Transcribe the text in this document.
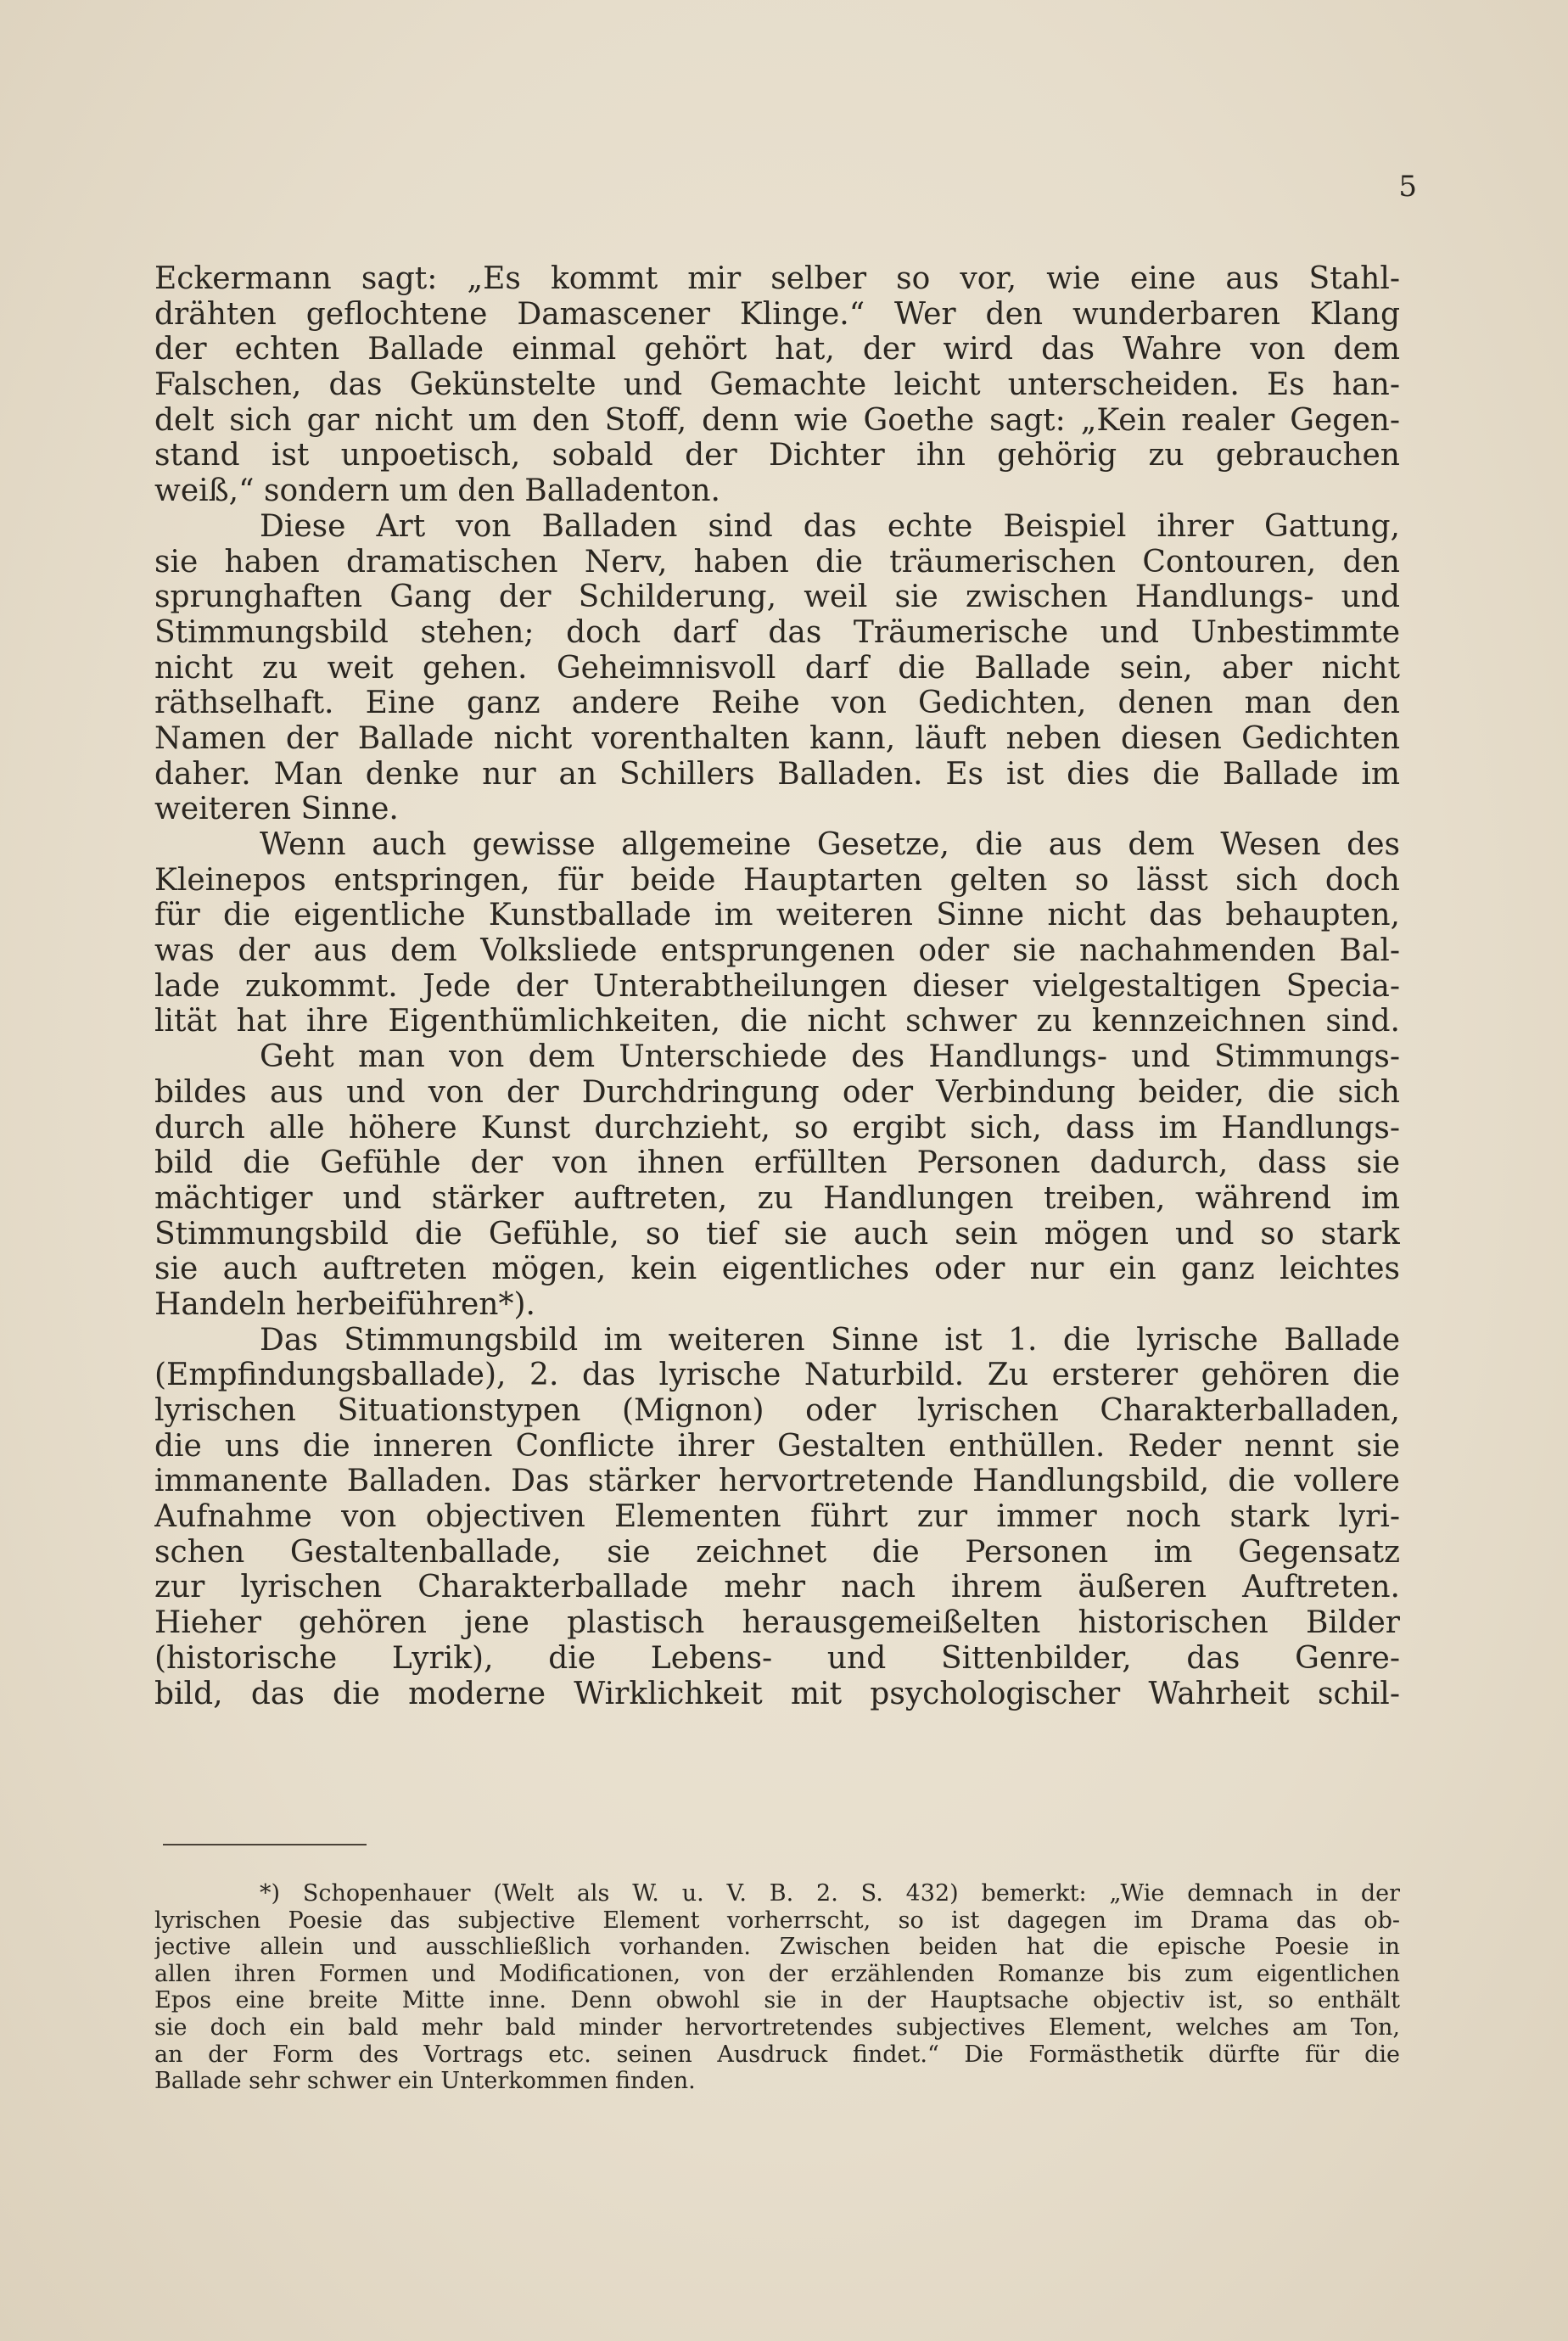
5
Eckermann sagt: „Es kommt mir selber so vor, wie eine aus Stahl-
drähten geflochtene Damascener Klinge.“ Wer den wunderbaren Klang
der echten Ballade einmal gehört hat, der wird das Wahre von dem
Falschen, das Gekünstelte und Gemachte leicht unterscheiden. Es han-
delt sich gar nicht um den Stoff, denn wie Goethe sagt: „Kein realer Gegen-
stand ist unpoetisch, sobald der Dichter ihn gehörig zu gebrauchen
weiß,“ sondern um den Balladenton.
Diese Art von Balladen sind das echte Beispiel ihrer Gattung,
sie haben dramatischen Nerv, haben die träumerischen Contouren, den
sprunghaften Gang der Schilderung, weil sie zwischen Handlungs- und
Stimmungsbild stehen; doch darf das Träumerische und Unbestimmte
nicht zu weit gehen. Geheimnisvoll darf die Ballade sein, aber nicht
räthselhaft. Eine ganz andere Reihe von Gedichten, denen man den
Namen der Ballade nicht vorenthalten kann, läuft neben diesen Gedichten
daher. Man denke nur an Schillers Balladen. Es ist dies die Ballade im
weiteren Sinne.
Wenn auch gewisse allgemeine Gesetze, die aus dem Wesen des
Kleinepos entspringen, für beide Hauptarten gelten so lässt sich doch
für die eigentliche Kunstballade im weiteren Sinne nicht das behaupten,
was der aus dem Volksliede entsprungenen oder sie nachahmenden Bal-
lade zukommt. Jede der Unterabtheilungen dieser vielgestaltigen Specia-
lität hat ihre Eigenthümlichkeiten, die nicht schwer zu kennzeichnen sind.
Geht man von dem Unterschiede des Handlungs- und Stimmungs-
bildes aus und von der Durchdringung oder Verbindung beider, die sich
durch alle höhere Kunst durchzieht, so ergibt sich, dass im Handlungs-
bild die Gefühle der von ihnen erfüllten Personen dadurch, dass sie
mächtiger und stärker auftreten, zu Handlungen treiben, während im
Stimmungsbild die Gefühle, so tief sie auch sein mögen und so stark
sie auch auftreten mögen, kein eigentliches oder nur ein ganz leichtes
Handeln herbeiführen*).
Das Stimmungsbild im weiteren Sinne ist 1. die lyrische Ballade
(Empfindungsballade), 2. das lyrische Naturbild. Zu ersterer gehören die
lyrischen Situationstypen (Mignon) oder lyrischen Charakterballaden,
die uns die inneren Conflicte ihrer Gestalten enthüllen. Reder nennt sie
immanente Balladen. Das stärker hervortretende Handlungsbild, die vollere
Aufnahme von objectiven Elementen führt zur immer noch stark lyri-
schen Gestaltenballade, sie zeichnet die Personen im Gegensatz
zur lyrischen Charakterballade mehr nach ihrem äußeren Auftreten.
Hieher gehören jene plastisch herausgemeißelten historischen Bilder
(historische Lyrik), die Lebens- und Sittenbilder, das Genre-
bild, das die moderne Wirklichkeit mit psychologischer Wahrheit schil-
*) Schopenhauer (Welt als W. u. V. B. 2. S. 432) bemerkt: „Wie demnach in der
lyrischen Poesie das subjective Element vorherrscht, so ist dagegen im Drama das ob-
jective allein und ausschließlich vorhanden. Zwischen beiden hat die epische Poesie in
allen ihren Formen und Modificationen, von der erzählenden Romanze bis zum eigentlichen
Epos eine breite Mitte inne. Denn obwohl sie in der Hauptsache objectiv ist, so enthält
sie doch ein bald mehr bald minder hervortretendes subjectives Element, welches am Ton,
an der Form des Vortrags etc. seinen Ausdruck findet.“ Die Formästhetik dürfte für die
Ballade sehr schwer ein Unterkommen finden.
